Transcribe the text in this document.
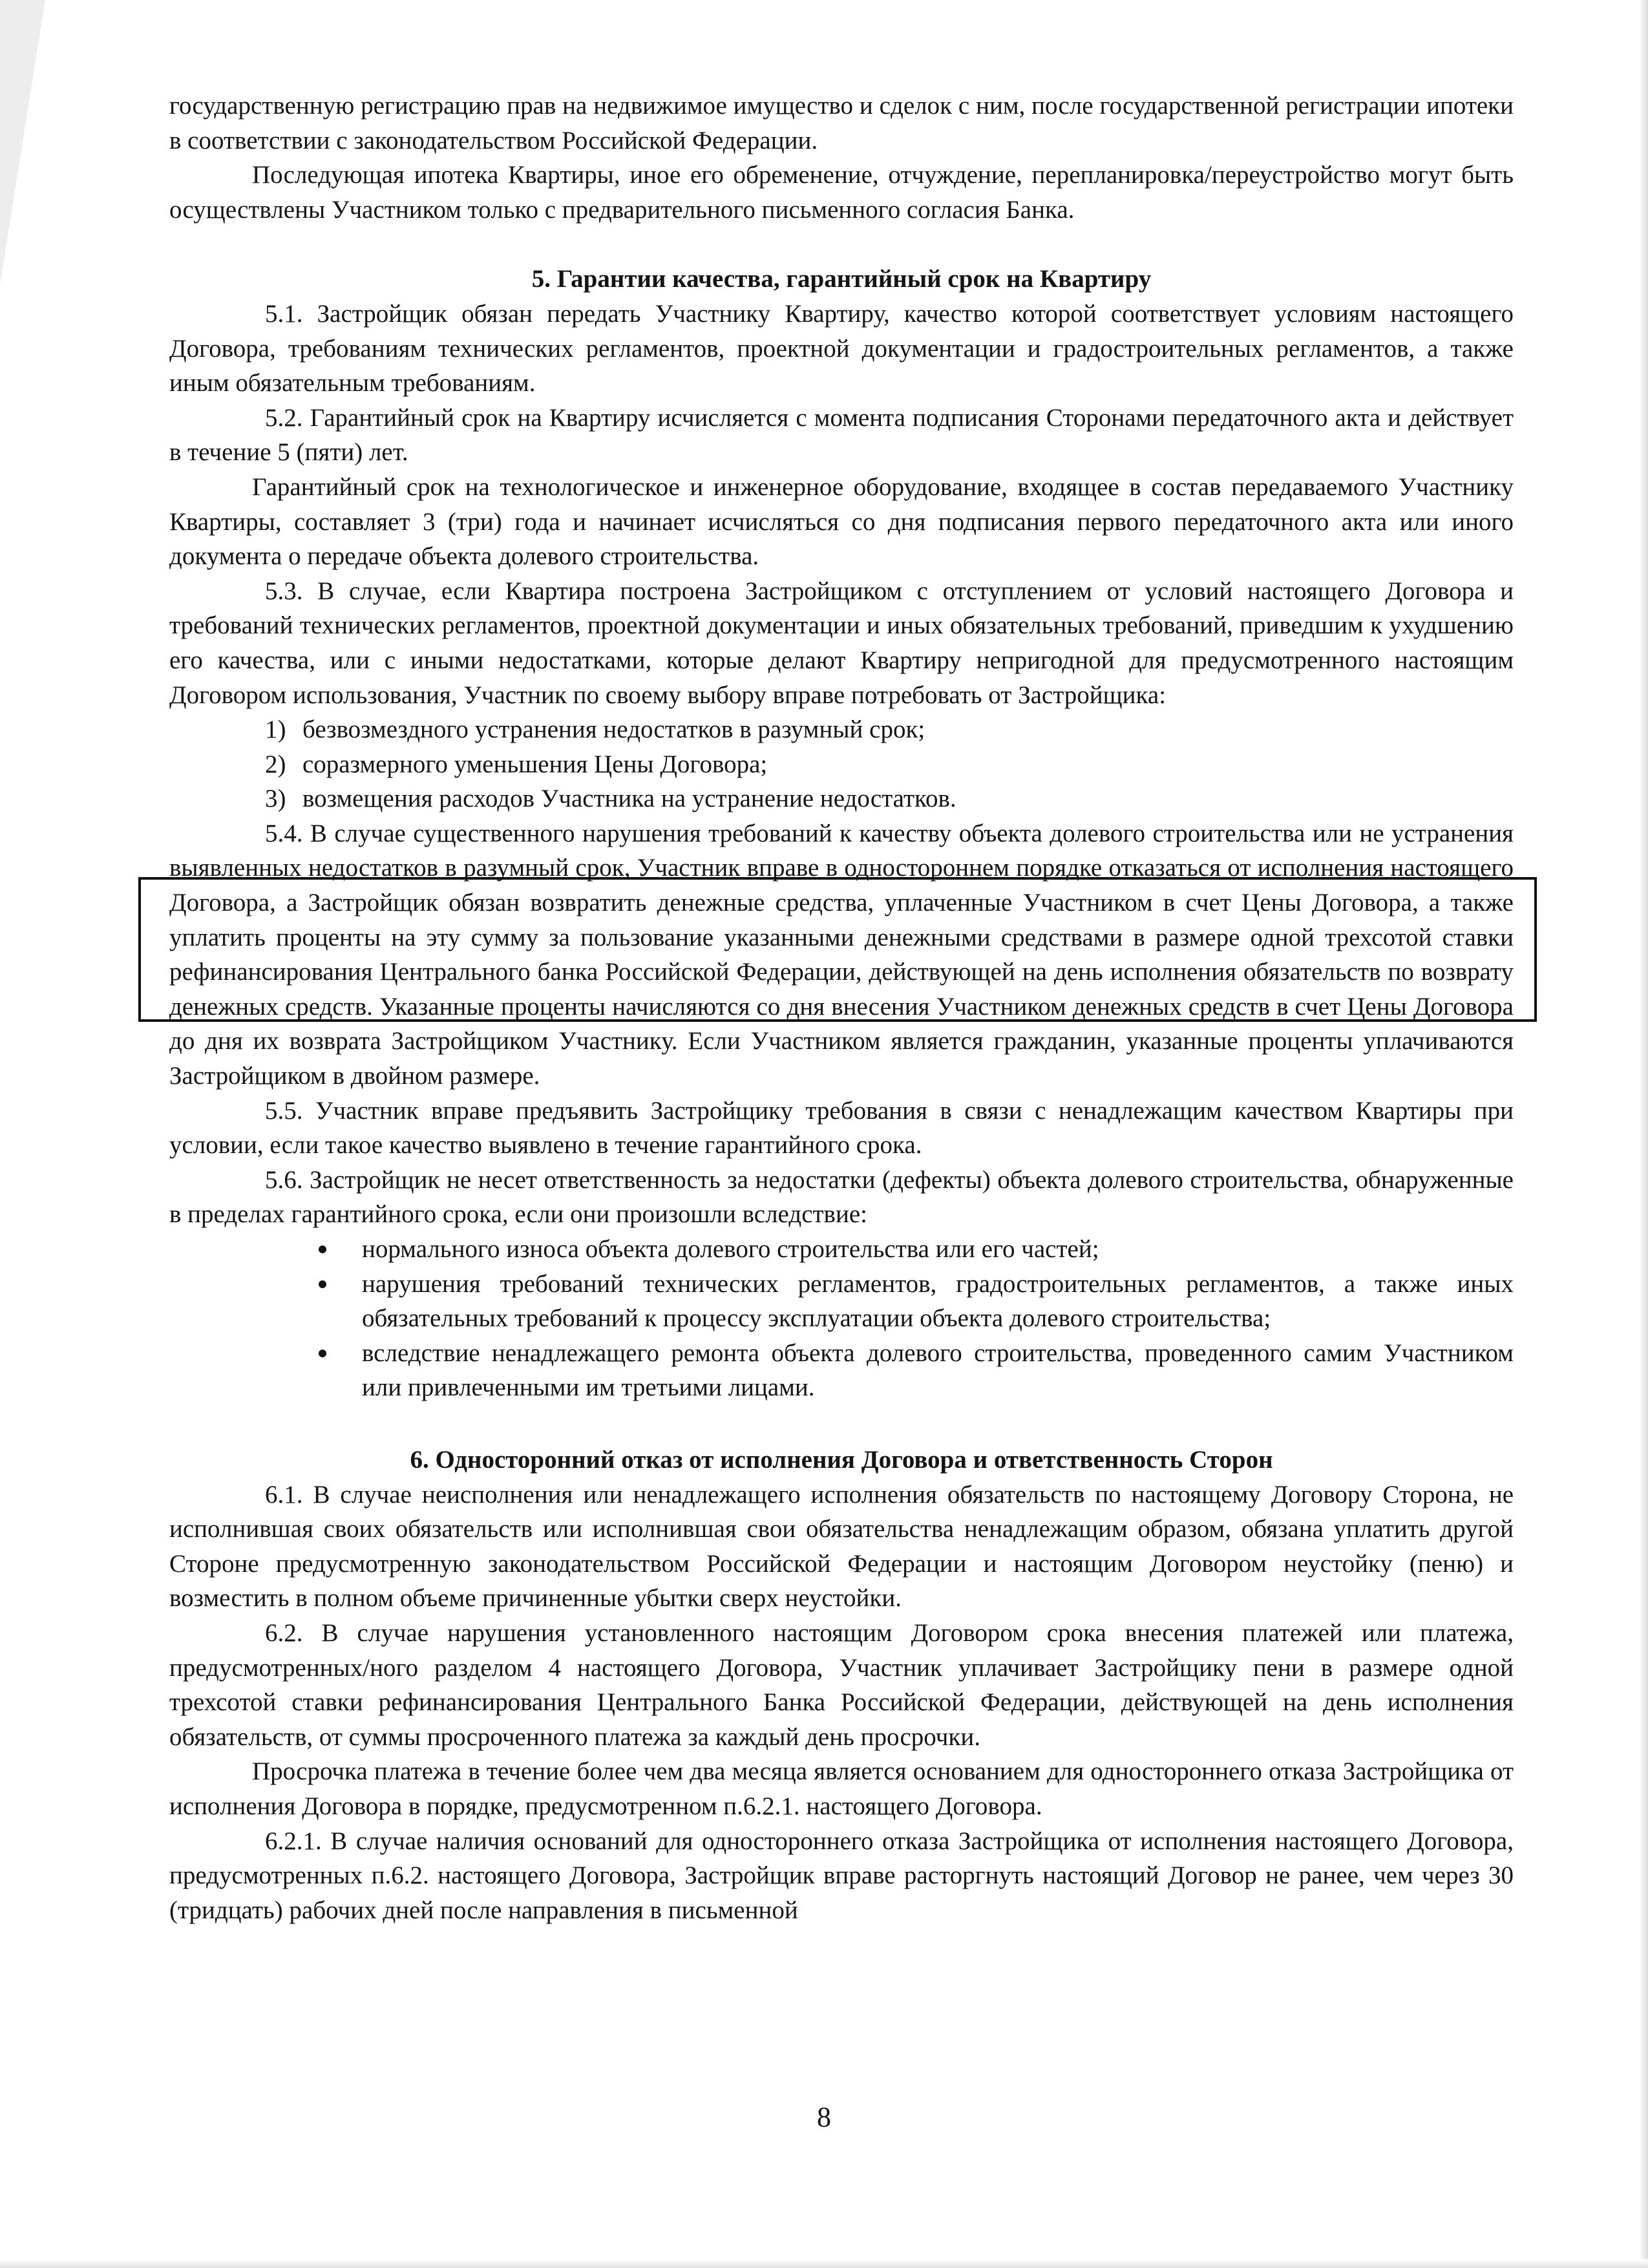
государственную регистрацию прав на недвижимое имущество и сделок с ним, после государственной регистрации ипотеки в соответствии с законодательством Российской Федерации.

Последующая ипотека Квартиры, иное его обременение, отчуждение, перепланировка/переустройство могут быть осуществлены Участником только с предварительного письменного согласия Банка.

5. Гарантии качества, гарантийный срок на Квартиру

5.1. Застройщик обязан передать Участнику Квартиру, качество которой соответствует условиям настоящего Договора, требованиям технических регламентов, проектной документации и градостроительных регламентов, а также иным обязательным требованиям.

5.2. Гарантийный срок на Квартиру исчисляется с момента подписания Сторонами передаточного акта и действует в течение 5 (пяти) лет.

Гарантийный срок на технологическое и инженерное оборудование, входящее в состав передаваемого Участнику Квартиры, составляет 3 (три) года и начинает исчисляться со дня подписания первого передаточного акта или иного документа о передаче объекта долевого строительства.

5.3. В случае, если Квартира построена Застройщиком с отступлением от условий настоящего Договора и требований технических регламентов, проектной документации и иных обязательных требований, приведшим к ухудшению его качества, или с иными недостатками, которые делают Квартиру непригодной для предусмотренного настоящим Договором использования, Участник по своему выбору вправе потребовать от Застройщика:

1) безвозмездного устранения недостатков в разумный срок;
2) соразмерного уменьшения Цены Договора;
3) возмещения расходов Участника на устранение недостатков.

5.4. В случае существенного нарушения требований к качеству объекта долевого строительства или не устранения выявленных недостатков в разумный срок, Участник вправе в одностороннем порядке отказаться от исполнения настоящего Договора, а Застройщик обязан возвратить денежные средства, уплаченные Участником в счет Цены Договора, а также уплатить проценты на эту сумму за пользование указанными денежными средствами в размере одной трехсотой ставки рефинансирования Центрального банка Российской Федерации, действующей на день исполнения обязательств по возврату денежных средств. Указанные проценты начисляются со дня внесения Участником денежных средств в счет Цены Договора до дня их возврата Застройщиком Участнику. Если Участником является гражданин, указанные проценты уплачиваются Застройщиком в двойном размере.

5.5. Участник вправе предъявить Застройщику требования в связи с ненадлежащим качеством Квартиры при условии, если такое качество выявлено в течение гарантийного срока.

5.6. Застройщик не несет ответственность за недостатки (дефекты) объекта долевого строительства, обнаруженные в пределах гарантийного срока, если они произошли вследствие:

нормального износа объекта долевого строительства или его частей;
нарушения требований технических регламентов, градостроительных регламентов, а также иных обязательных требований к процессу эксплуатации объекта долевого строительства;
вследствие ненадлежащего ремонта объекта долевого строительства, проведенного самим Участником или привлеченными им третьими лицами.
6. Односторонний отказ от исполнения Договора и ответственность Сторон

6.1. В случае неисполнения или ненадлежащего исполнения обязательств по настоящему Договору Сторона, не исполнившая своих обязательств или исполнившая свои обязательства ненадлежащим образом, обязана уплатить другой Стороне предусмотренную законодательством Российской Федерации и настоящим Договором неустойку (пеню) и возместить в полном объеме причиненные убытки сверх неустойки.

6.2. В случае нарушения установленного настоящим Договором срока внесения платежей или платежа, предусмотренных/ного разделом 4 настоящего Договора, Участник уплачивает Застройщику пени в размере одной трехсотой ставки рефинансирования Центрального Банка Российской Федерации, действующей на день исполнения обязательств, от суммы просроченного платежа за каждый день просрочки.

Просрочка платежа в течение более чем два месяца является основанием для одностороннего отказа Застройщика от исполнения Договора в порядке, предусмотренном п.6.2.1. настоящего Договора.

6.2.1. В случае наличия оснований для одностороннего отказа Застройщика от исполнения настоящего Договора, предусмотренных п.6.2. настоящего Договора, Застройщик вправе расторгнуть настоящий Договор не ранее, чем через 30 (тридцать) рабочих дней после направления в письменной

8
